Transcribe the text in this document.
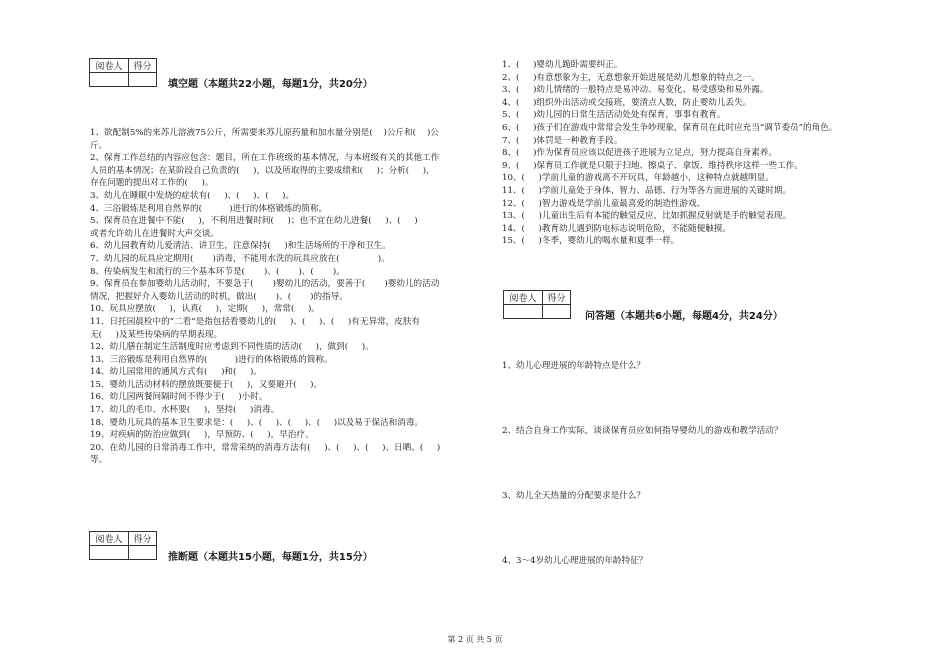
阅卷人	得分

填空题（本题共22小题，每题1分，共20分）
1、欲配制5%的来苏儿溶液75公斤，所需要来苏儿原药量和加水量分别是(    )公斤和(    )公
斤。
2、保育工作总结的内容应包含：题目，所在工作班级的基本情况，与本班级有关的其他工作
人员的基本情况；在某阶段自己负责的(     )，以及所取得的主要成绩和(     )；分析(     )，
存在问题的提出对工作的(     )。
3、幼儿在睡眠中发烧的症状有(     )、(     )、(     )。
4、三浴锻炼是利用自然界的(          )进行的体格锻炼的简称。
5、保育员在进餐中不能(     )，不利用进餐时间(     )；也不宜在幼儿进餐(     )、(     )
或者允许幼儿在进餐时大声交谈。
6、幼儿园教育幼儿爱清洁、讲卫生，注意保持(     )和生活场所的干净和卫生。
7、幼儿园的玩具应定期用(       )消毒，不能用水洗的玩具应放在(              )。
8、传染病发生和流行的三个基本环节是(       )、(       )、(       )。
9、保育员在参加婴幼儿活动时，不要急于(       )婴幼儿的活动，要善于(       )婴幼儿的活动
情况，把握好介入婴幼儿活动的时机，做出(       )、(       )的指导。
10、玩具应摆放(     )，认真(     )，定期(     )，常常(     )。
11、日托园晨检中的“二看”是指包括看婴幼儿的(     )、(     )、(     )有无异常，皮肤有
无(     )及某些传染病的早期表现。
12、幼儿膳在制定生活制度时应考虑到不同性质的活动(     )，做到(     )。
13、三浴锻炼是利用自然界的(          )进行的体格锻炼的简称。
14、幼儿园常用的通风方式有(     )和(     )。
15、婴幼儿活动材料的摆放既要便于(     )，又要避开(     )。
16、幼儿园两餐间隔时间不得少于(     )小时。
17、幼儿的毛巾、水杯要(     )，坚持(     )消毒。
18、婴幼儿玩具的基本卫生要求是：(     )、(     )、(     )、(     )以及易于保洁和消毒。
19、对疾病的防治应做到(     )，早预防、(     )，早治疗。
20、在幼儿园的日常消毒工作中，常常采纳的消毒方法有(     )、(     )、(     )、日晒、(     )
等。
阅卷人	得分

推断题（本题共15小题，每题1分，共15分）
1、(     )婴幼儿跪卧需要纠正。
2、(     )有意想象为主，无意想象开始进展是幼儿想象的特点之一。
3、(     )幼儿情绪的一般特点是易冲动、易变化、易受感染和易外露。
4、(     )组织外出活动或交接班，要清点人数，防止婴幼儿丢失。
5、(     )幼儿园的日常生活活动处处有保育，事事有教育。
6、(     )孩子们在游戏中常常会发生争吵现象，保育员在此时应充当“调节委员”的角色。
7、(     )体罚是一种教育手段。
8、(     )作为保育员应该以促进孩子进展为立足点，努力提高自身素养。
9、(     )保育员工作就是只限于扫地、擦桌子、拿饭、维持秩序这样一些工作。
10、(     )学前儿童的游戏离不开玩具，年龄越小，这种特点就越明显。
11、(     )学前儿童处于身体、智力、品德、行为等各方面进展的关键时期。
12、(     )智力游戏是学前儿童最喜爱的制造性游戏。
13、(     )儿童出生后有本能的触觉反应，比如抓握反射就是手的触觉表现。
14、(     )教育幼儿遇到防电标志说明危险，不能随便触摸。
15、(     )冬季，婴幼儿的喝水量和夏季一样。
阅卷人	得分

问答题（本题共6小题，每题4分，共24分）
1、幼儿心理进展的年龄特点是什么？
2、结合自身工作实际，谈谈保育员应如何指导婴幼儿的游戏和教学活动？
3、幼儿全天热量的分配要求是什么？
4、3～4岁幼儿心理进展的年龄特征？
第 2 页 共 5 页
